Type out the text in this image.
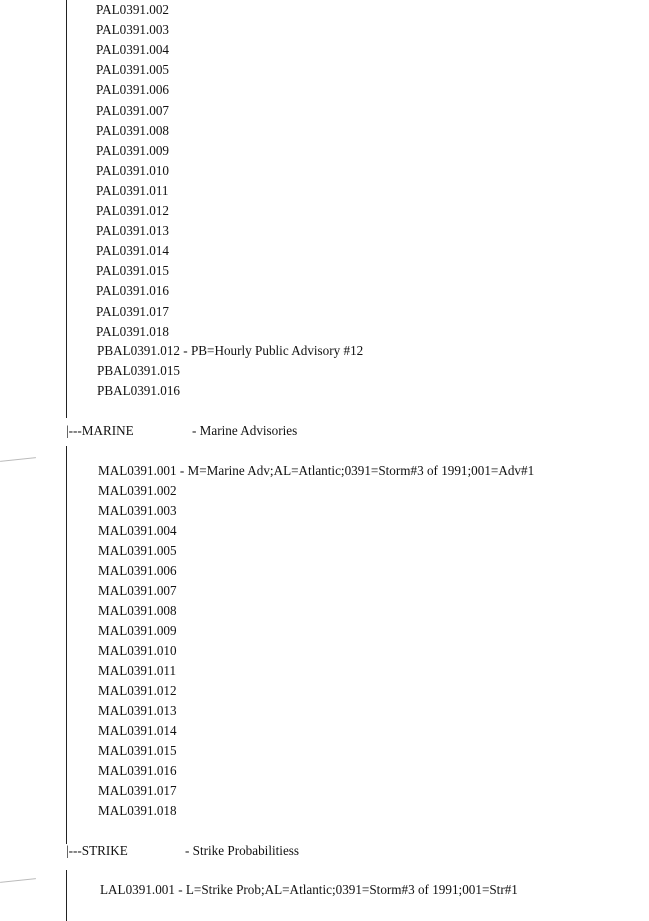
PAL0391.002
PAL0391.003
PAL0391.004
PAL0391.005
PAL0391.006
PAL0391.007
PAL0391.008
PAL0391.009
PAL0391.010
PAL0391.011
PAL0391.012
PAL0391.013
PAL0391.014
PAL0391.015
PAL0391.016
PAL0391.017
PAL0391.018
PBAL0391.012 - PB=Hourly Public Advisory #12
PBAL0391.015
PBAL0391.016
|---MARINE	- Marine Advisories
MAL0391.001 - M=Marine Adv;AL=Atlantic;0391=Storm#3 of 1991;001=Adv#1
MAL0391.002
MAL0391.003
MAL0391.004
MAL0391.005
MAL0391.006
MAL0391.007
MAL0391.008
MAL0391.009
MAL0391.010
MAL0391.011
MAL0391.012
MAL0391.013
MAL0391.014
MAL0391.015
MAL0391.016
MAL0391.017
MAL0391.018
|---STRIKE	- Strike Probabilitiess
LAL0391.001 - L=Strike Prob;AL=Atlantic;0391=Storm#3 of 1991;001=Str#1
